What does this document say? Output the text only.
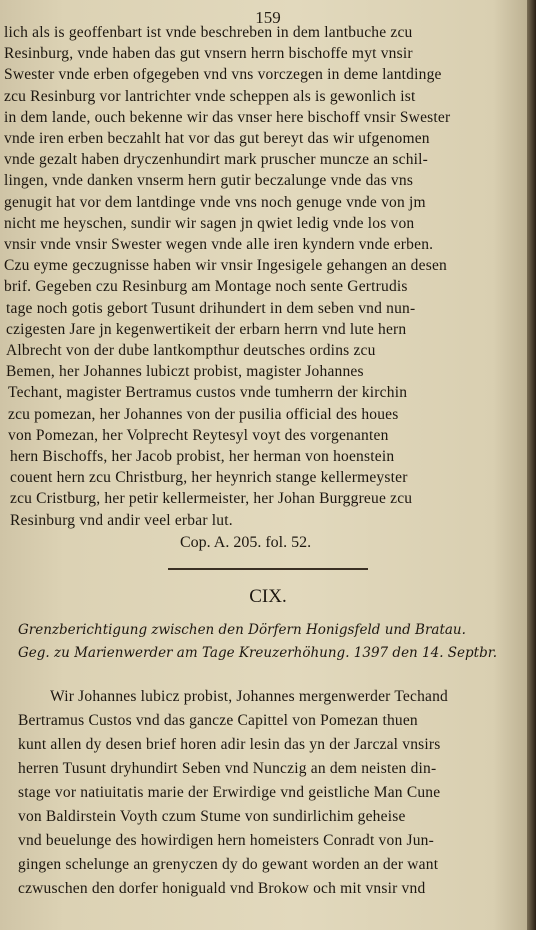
159
lich als is geoffenbart ist vnde beschreben in dem lantbuche zcu
Resinburg, vnde haben das gut vnsern herrn bischoffe myt vnsir
Swester vnde erben ofgegeben vnd vns vorczegen in deme lantdinge
zcu Resinburg vor lantrichter vnde scheppen als is gewonlich ist
in dem lande, ouch bekenne wir das vnser here bischoff vnsir Swester
vnde iren erben beczahlt hat vor das gut bereyt das wir ufgenomen
vnde gezalt haben dryczenhundirt mark pruscher muncze an schil-
lingen, vnde danken vnserm hern gutir beczalunge vnde das vns
genugit hat vor dem lantdinge vnde vns noch genuge vnde von jm
nicht me heyschen, sundir wir sagen jn qwiet ledig vnde los von
vnsir vnde vnsir Swester wegen vnde alle iren kyndern vnde erben.
Czu eyme geczugnisse haben wir vnsir Ingesigele gehangen an desen
brif. Gegeben czu Resinburg am Montage noch sente Gertrudis
tage noch gotis gebort Tusunt drihundert in dem seben vnd nun-
czigesten Jare jn kegenwertikeit der erbarn herrn vnd lute hern
Albrecht von der dube lantkompthur deutsches ordins zcu
Bemen, her Johannes lubiczt probist, magister Johannes
Techant, magister Bertramus custos vnde tumherrn der kirchin
zcu pomezan, her Johannes von der pusilia official des houes
von Pomezan, her Volprecht Reytesyl voyt des vorgenanten
hern Bischoffs, her Jacob probist, her herman von hoenstein
couent hern zcu Christburg, her heynrich stange kellermeyster
zcu Cristburg, her petir kellermeister, her Johan Burggreue zcu
Resinburg vnd andir veel erbar lut.
Cop. A. 205. fol. 52.
CIX.
Grenzberichtigung zwischen den Dörfern Honigsfeld und Bratau.
Geg. zu Marienwerder am Tage Kreuzerhöhung. 1397 den 14. Septbr.
Wir Johannes lubicz probist, Johannes mergenwerder Techand
Bertramus Custos vnd das gancze Capittel von Pomezan thuen
kunt allen dy desen brief horen adir lesin das yn der Jarczal vnsirs
herren Tusunt dryhundirt Seben vnd Nunczig an dem neisten din-
stage vor natiuitatis marie der Erwirdige vnd geistliche Man Cune
von Baldirstein Voyth czum Stume von sundirlichim geheise
vnd beuelunge des howirdigen hern homeisters Conradt von Jun-
gingen schelunge an grenyczen dy do gewant worden an der want
czwuschen den dorfer honiguald vnd Brokow och mit vnsir vnd
